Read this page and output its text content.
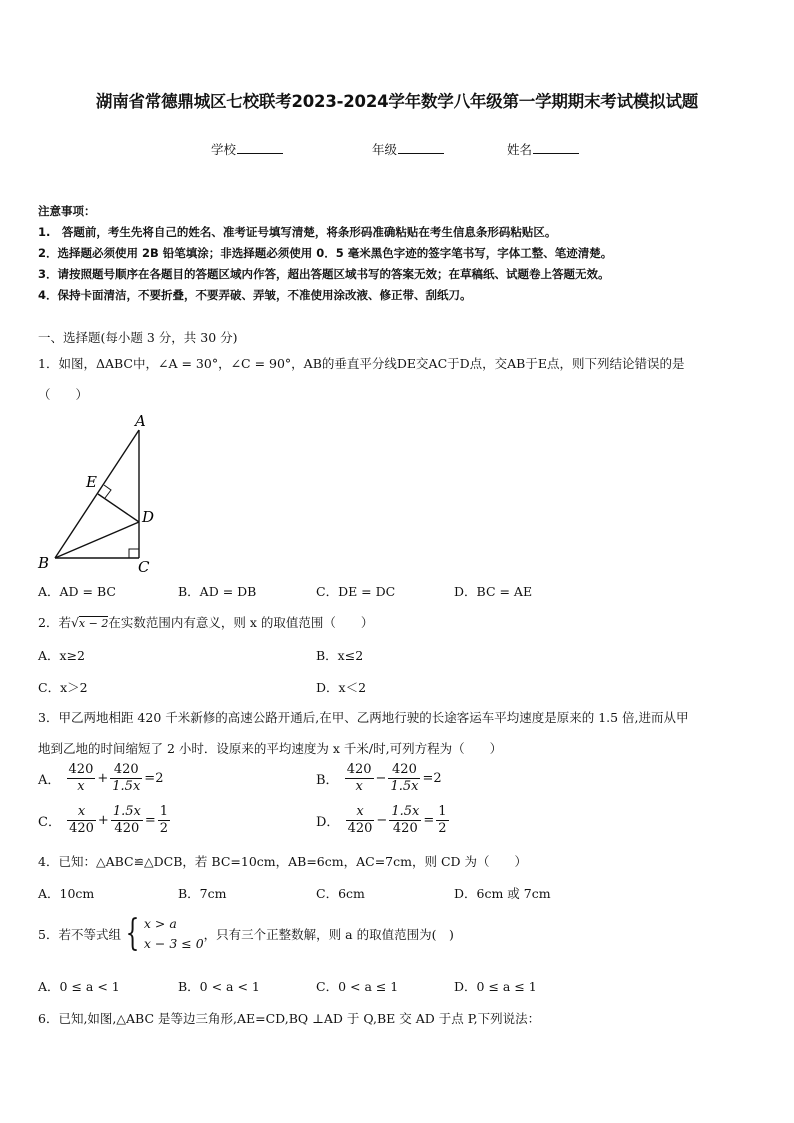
湖南省常德鼎城区七校联考2023-2024学年数学八年级第一学期期末考试模拟试题
学校	年级	姓名
注意事项：
1.　答题前，考生先将自己的姓名、准考证号填写清楚，将条形码准确粘贴在考生信息条形码粘贴区。
2．选择题必须使用 2B 铅笔填涂；非选择题必须使用 0．5 毫米黑色字迹的签字笔书写，字体工整、笔迹清楚。
3．请按照题号顺序在各题目的答题区域内作答，超出答题区域书写的答案无效；在草稿纸、试题卷上答题无效。
4．保持卡面清洁，不要折叠，不要弄破、弄皱，不准使用涂改液、修正带、刮纸刀。
一、选择题(每小题 3 分，共 30 分)
1．如图，ΔABC中，∠A = 30°，∠C = 90°，AB的垂直平分线DE交AC于D点，交AB于E点，则下列结论错误的是
（　　）
A
B	C
D
E
A．AD = BC	B．AD = DB	C．DE = DC	D．BC = AE
2．若√x − 2在实数范围内有意义，则 x 的取值范围（　　）
A．x≥2	B．x≤2
C．x＞2	D．x＜2
3．甲乙两地相距 420 千米新修的高速公路开通后,在甲、乙两地行驶的长途客运车平均速度是原来的 1.5 倍,进而从甲
地到乙地的时间缩短了 2 小时．设原来的平均速度为 x 千米/时,可列方程为（　　）
A． $\frac{420}{x} + \frac{420}{1.5x} =2$	B． $\frac{420}{x} - \frac{420}{1.5x} =2$
C． $\frac{x}{420} + \frac{1.5x}{420} = \frac{1}{2}$	D． $\frac{x}{420} - \frac{1.5x}{420} = \frac{1}{2}$
4．已知：△ABC≌△DCB，若 BC=10cm，AB=6cm，AC=7cm，则 CD 为（　　）
A．10cm	B．7cm	C．6cm	D．6cm 或 7cm
5．若不等式组 { x > a
x − 3 ≤ 0
，只有三个正整数解，则 a 的取值范围为(　)
A．0 ≤ a < 1	B．0 < a < 1	C．0 < a ≤ 1	D．0 ≤ a ≤ 1
6．已知,如图,△ABC 是等边三角形,AE=CD,BQ ⊥AD 于 Q,BE 交 AD 于点 P,下列说法：
